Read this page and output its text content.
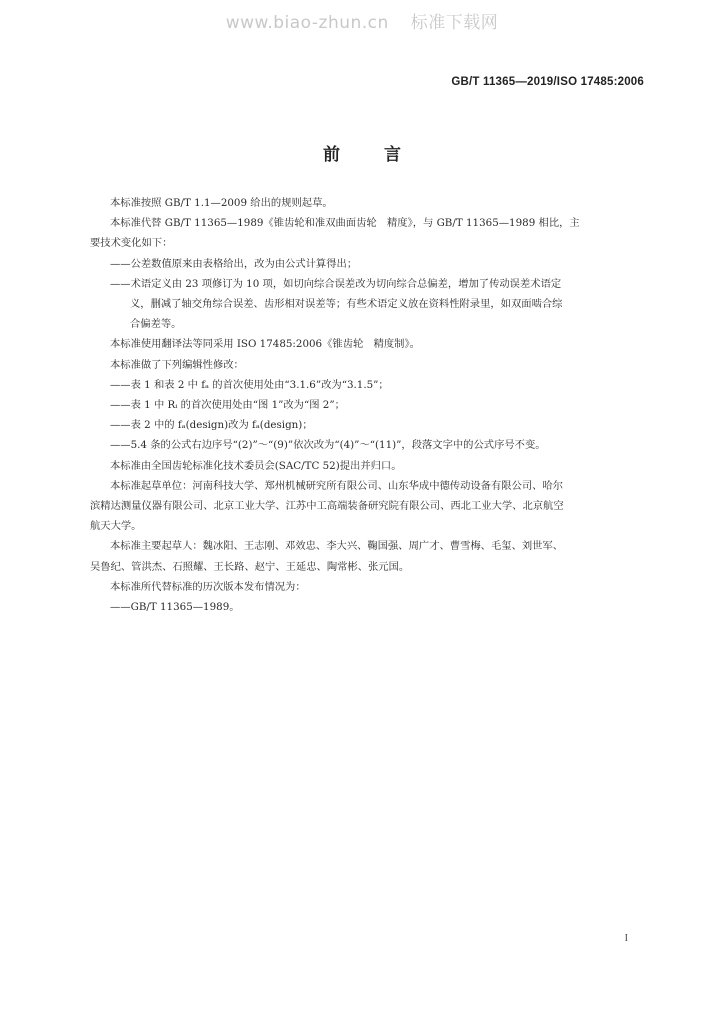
www.biao-zhun.cn 标准下载网
GB/T 11365—2019/ISO 17485:2006
前	言
本标准按照 GB/T 1.1—2009 给出的规则起草。
本标准代替 GB/T 11365—1989《锥齿轮和准双曲面齿轮　精度》，与 GB/T 11365—1989 相比，主
要技术变化如下：
——公差数值原来由表格给出，改为由公式计算得出；
——术语定义由 23 项修订为 10 项，如切向综合误差改为切向综合总偏差，增加了传动误差术语定
义，删减了轴交角综合误差、齿形相对误差等；有些术语定义放在资料性附录里，如双面啮合综
合偏差等。
本标准使用翻译法等同采用 ISO 17485:2006《锥齿轮　精度制》。
本标准做了下列编辑性修改：
——表 1 和表 2 中 fₐ 的首次使用处由“3.1.6”改为“3.1.5”；
——表 1 中 Rᵢ 的首次使用处由“图 1”改为“图 2”；
——表 2 中的 fₐ(design)改为 fₐ(design)；
——5.4 条的公式右边序号“(2)”～“(9)”依次改为“(4)”～“(11)”，段落文字中的公式序号不变。
本标准由全国齿轮标准化技术委员会(SAC/TC 52)提出并归口。
本标准起草单位：河南科技大学、郑州机械研究所有限公司、山东华成中德传动设备有限公司、哈尔
滨精达测量仪器有限公司、北京工业大学、江苏中工高端装备研究院有限公司、西北工业大学、北京航空
航天大学。
本标准主要起草人：魏冰阳、王志刚、邓效忠、李大兴、鞠国强、周广才、曹雪梅、毛玺、刘世军、
吴鲁纪、管洪杰、石照耀、王长路、赵宁、王延忠、陶常彬、张元国。
本标准所代替标准的历次版本发布情况为：
——GB/T 11365—1989。
I
